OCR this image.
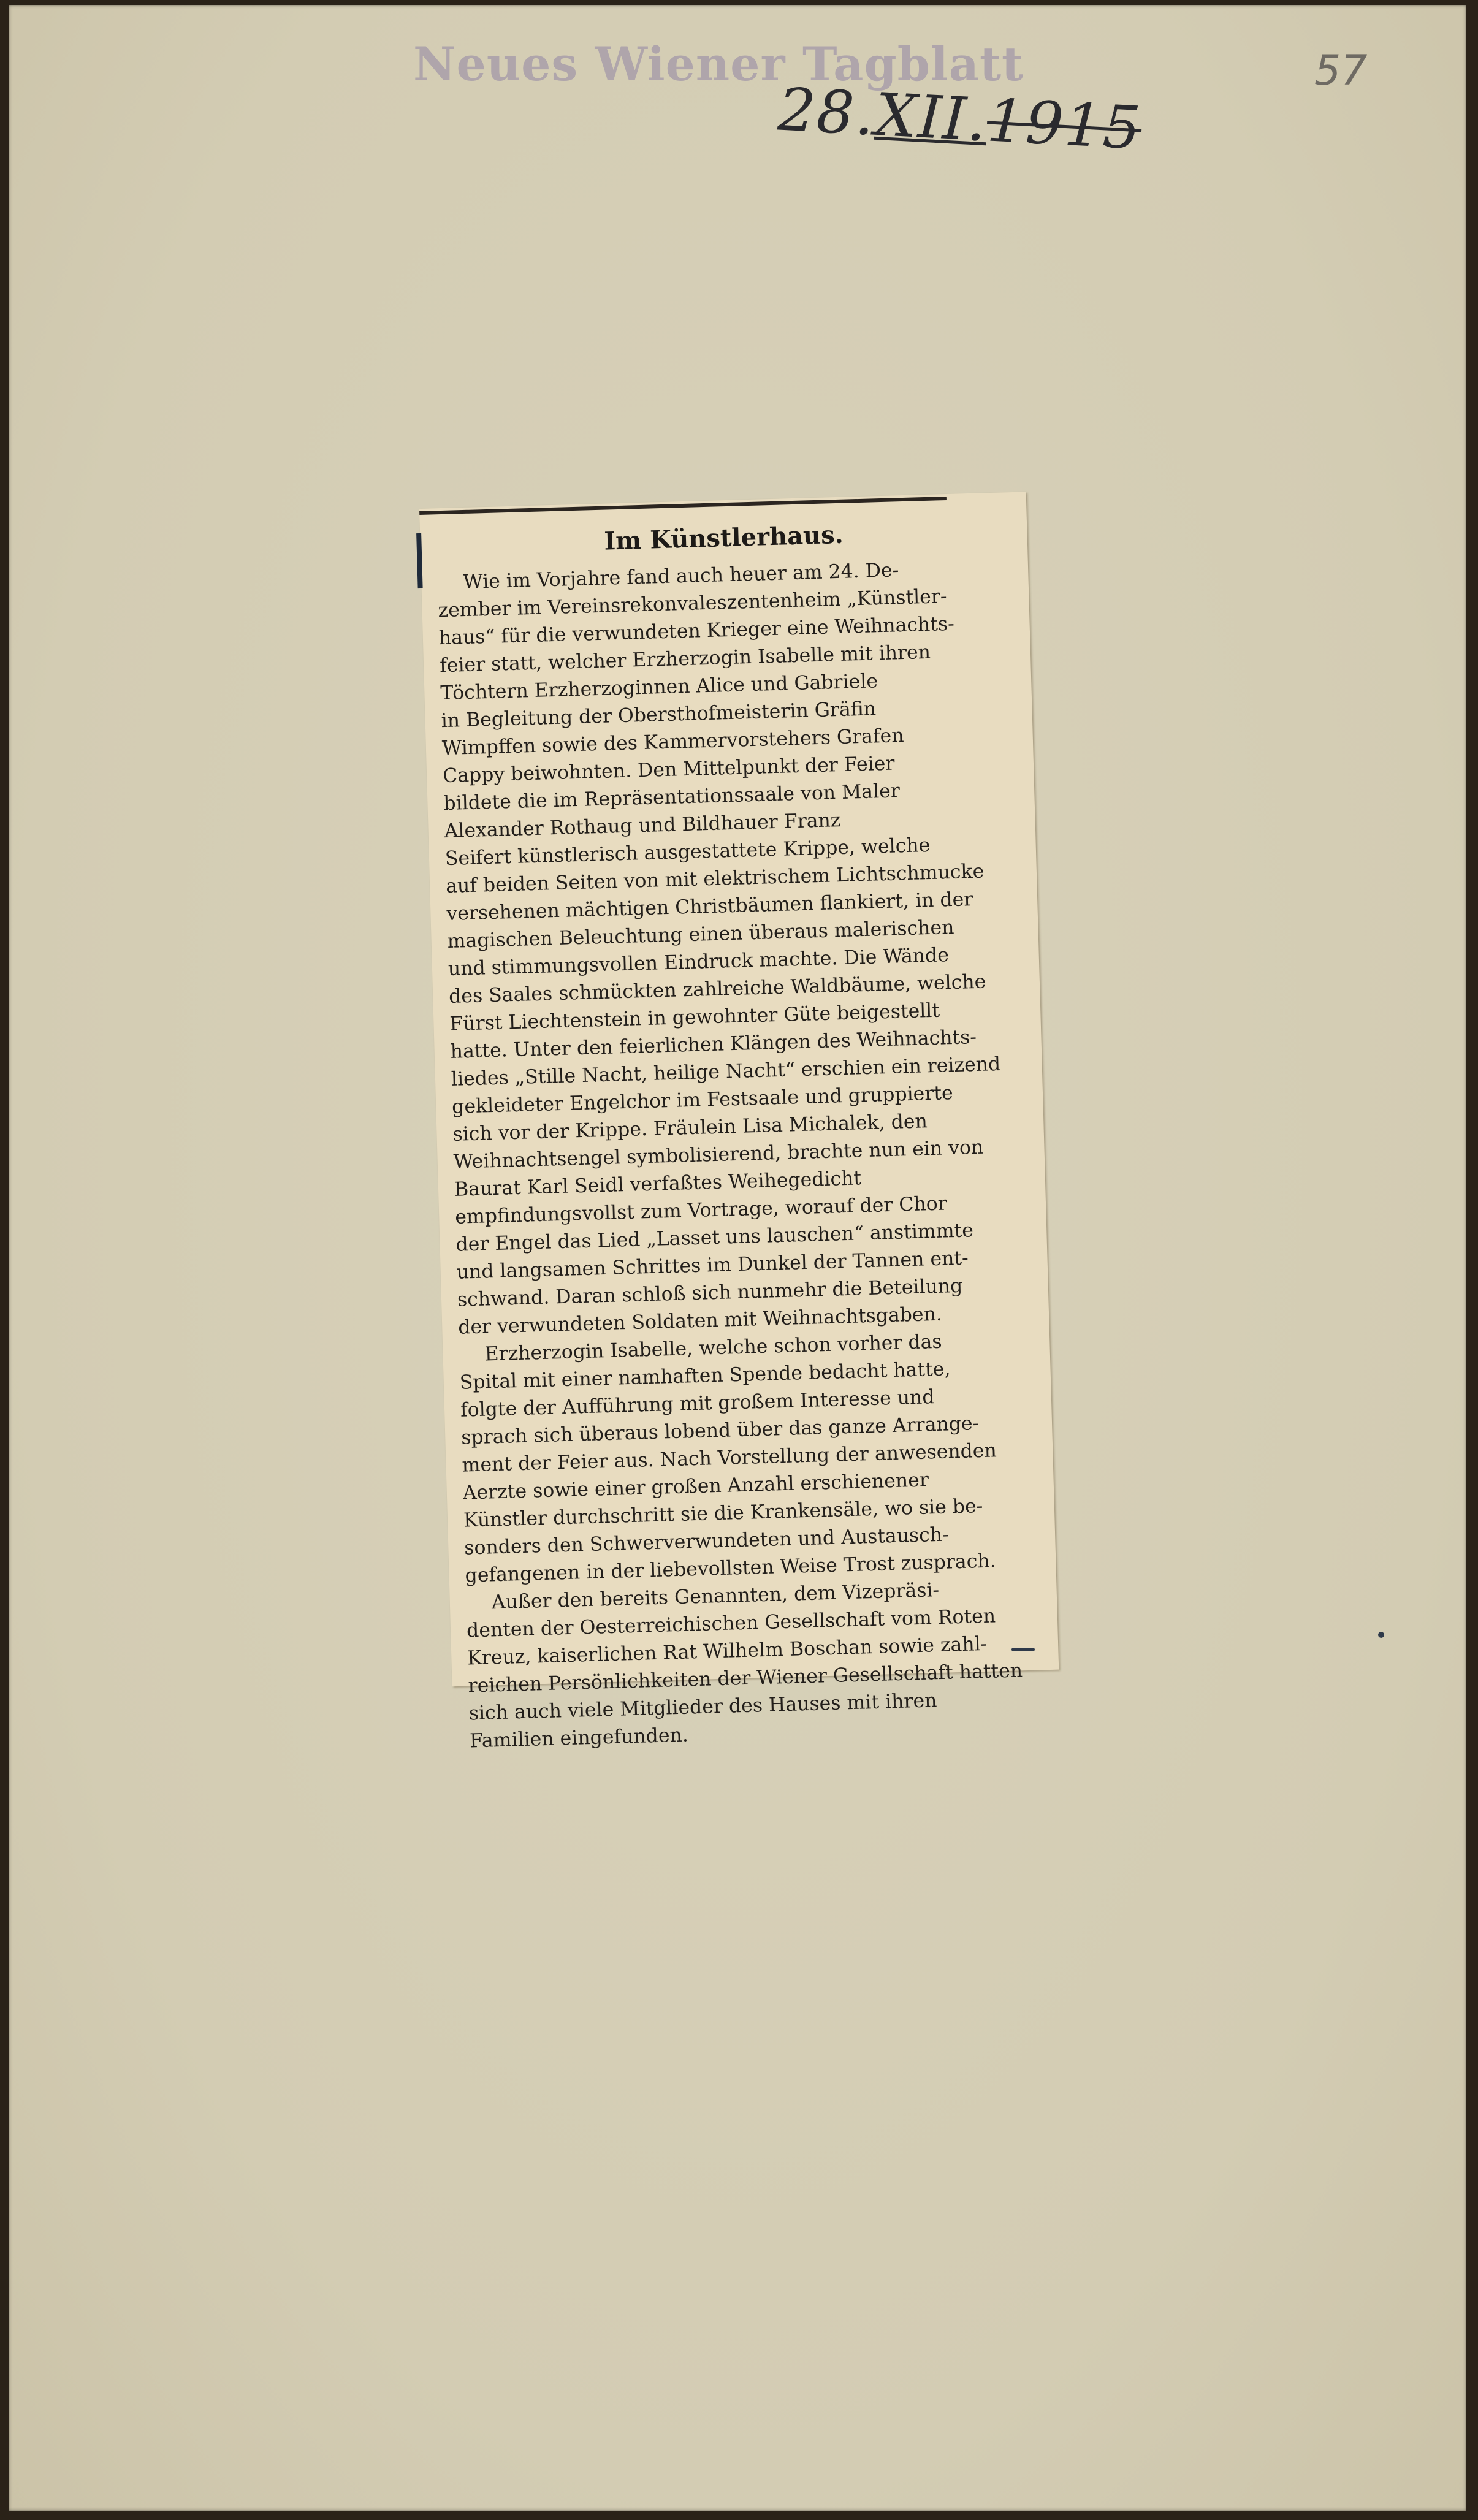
Neues Wiener Tagblatt	57
28.XII.1915
Im Künstlerhaus.
Wie im Vorjahre fand auch heuer am 24. De-
zember im Vereinsrekonvaleszentenheim „Künstler-
haus“ für die verwundeten Krieger eine Weihnachts-
feier statt, welcher Erzherzogin Isabelle mit ihren
Töchtern Erzherzoginnen Alice und Gabriele
in Begleitung der Obersthofmeisterin Gräfin
Wimpffen sowie des Kammervorstehers Grafen
Cappy beiwohnten. Den Mittelpunkt der Feier
bildete die im Repräsentationssaale von Maler
Alexander Rothaug und Bildhauer Franz
Seifert künstlerisch ausgestattete Krippe, welche
auf beiden Seiten von mit elektrischem Lichtschmucke
versehenen mächtigen Christbäumen flankiert, in der
magischen Beleuchtung einen überaus malerischen
und stimmungsvollen Eindruck machte. Die Wände
des Saales schmückten zahlreiche Waldbäume, welche
Fürst Liechtenstein in gewohnter Güte beigestellt
hatte. Unter den feierlichen Klängen des Weihnachts-
liedes „Stille Nacht, heilige Nacht“ erschien ein reizend
gekleideter Engelchor im Festsaale und gruppierte
sich vor der Krippe. Fräulein Lisa Michalek, den
Weihnachtsengel symbolisierend, brachte nun ein von
Baurat Karl Seidl verfaßtes Weihegedicht
empfindungsvollst zum Vortrage, worauf der Chor
der Engel das Lied „Lasset uns lauschen“ anstimmte
und langsamen Schrittes im Dunkel der Tannen ent-
schwand. Daran schloß sich nunmehr die Beteilung
der verwundeten Soldaten mit Weihnachtsgaben.
Erzherzogin Isabelle, welche schon vorher das
Spital mit einer namhaften Spende bedacht hatte,
folgte der Aufführung mit großem Interesse und
sprach sich überaus lobend über das ganze Arrange-
ment der Feier aus. Nach Vorstellung der anwesenden
Aerzte sowie einer großen Anzahl erschienener
Künstler durchschritt sie die Krankensäle, wo sie be-
sonders den Schwerverwundeten und Austausch-
gefangenen in der liebevollsten Weise Trost zusprach.
Außer den bereits Genannten, dem Vizepräsi-
denten der Oesterreichischen Gesellschaft vom Roten
Kreuz, kaiserlichen Rat Wilhelm Boschan sowie zahl-
reichen Persönlichkeiten der Wiener Gesellschaft hatten
sich auch viele Mitglieder des Hauses mit ihren
Familien eingefunden.
